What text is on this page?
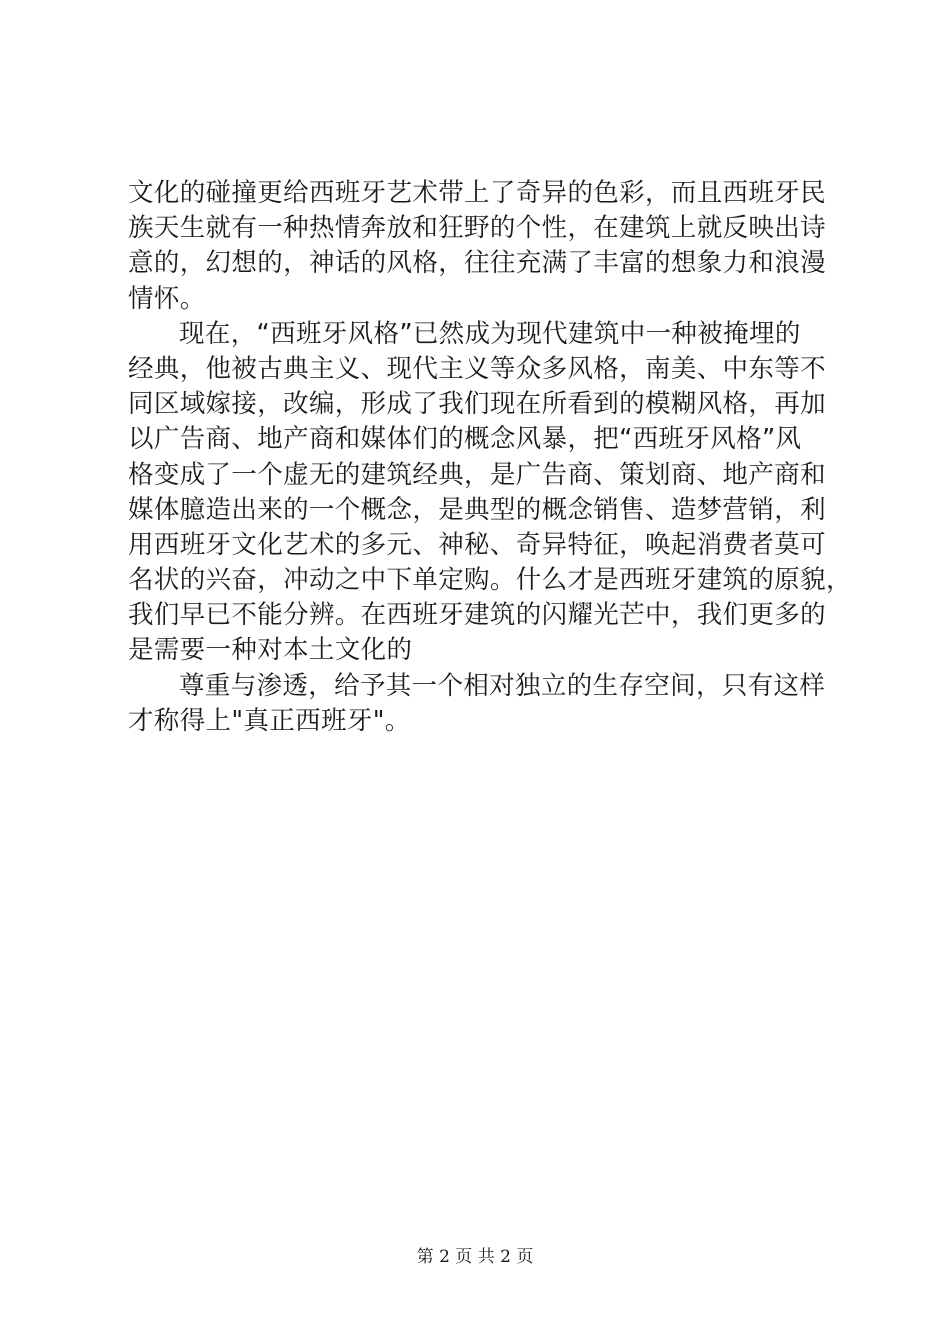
文化的碰撞更给西班牙艺术带上了奇异的色彩，而且西班牙民
族天生就有一种热情奔放和狂野的个性，在建筑上就反映出诗
意的，幻想的，神话的风格，往往充满了丰富的想象力和浪漫
情怀。
现在，“西班牙风格”已然成为现代建筑中一种被掩埋的
经典，他被古典主义、现代主义等众多风格，南美、中东等不
同区域嫁接，改编，形成了我们现在所看到的模糊风格，再加
以广告商、地产商和媒体们的概念风暴，把“西班牙风格”风
格变成了一个虚无的建筑经典，是广告商、策划商、地产商和
媒体臆造出来的一个概念，是典型的概念销售、造梦营销，利
用西班牙文化艺术的多元、神秘、奇异特征，唤起消费者莫可
名状的兴奋，冲动之中下单定购。什么才是西班牙建筑的原貌，
我们早已不能分辨。在西班牙建筑的闪耀光芒中，我们更多的
是需要一种对本土文化的
尊重与渗透，给予其一个相对独立的生存空间，只有这样
才称得上"真正西班牙"。
第 2 页 共 2 页
